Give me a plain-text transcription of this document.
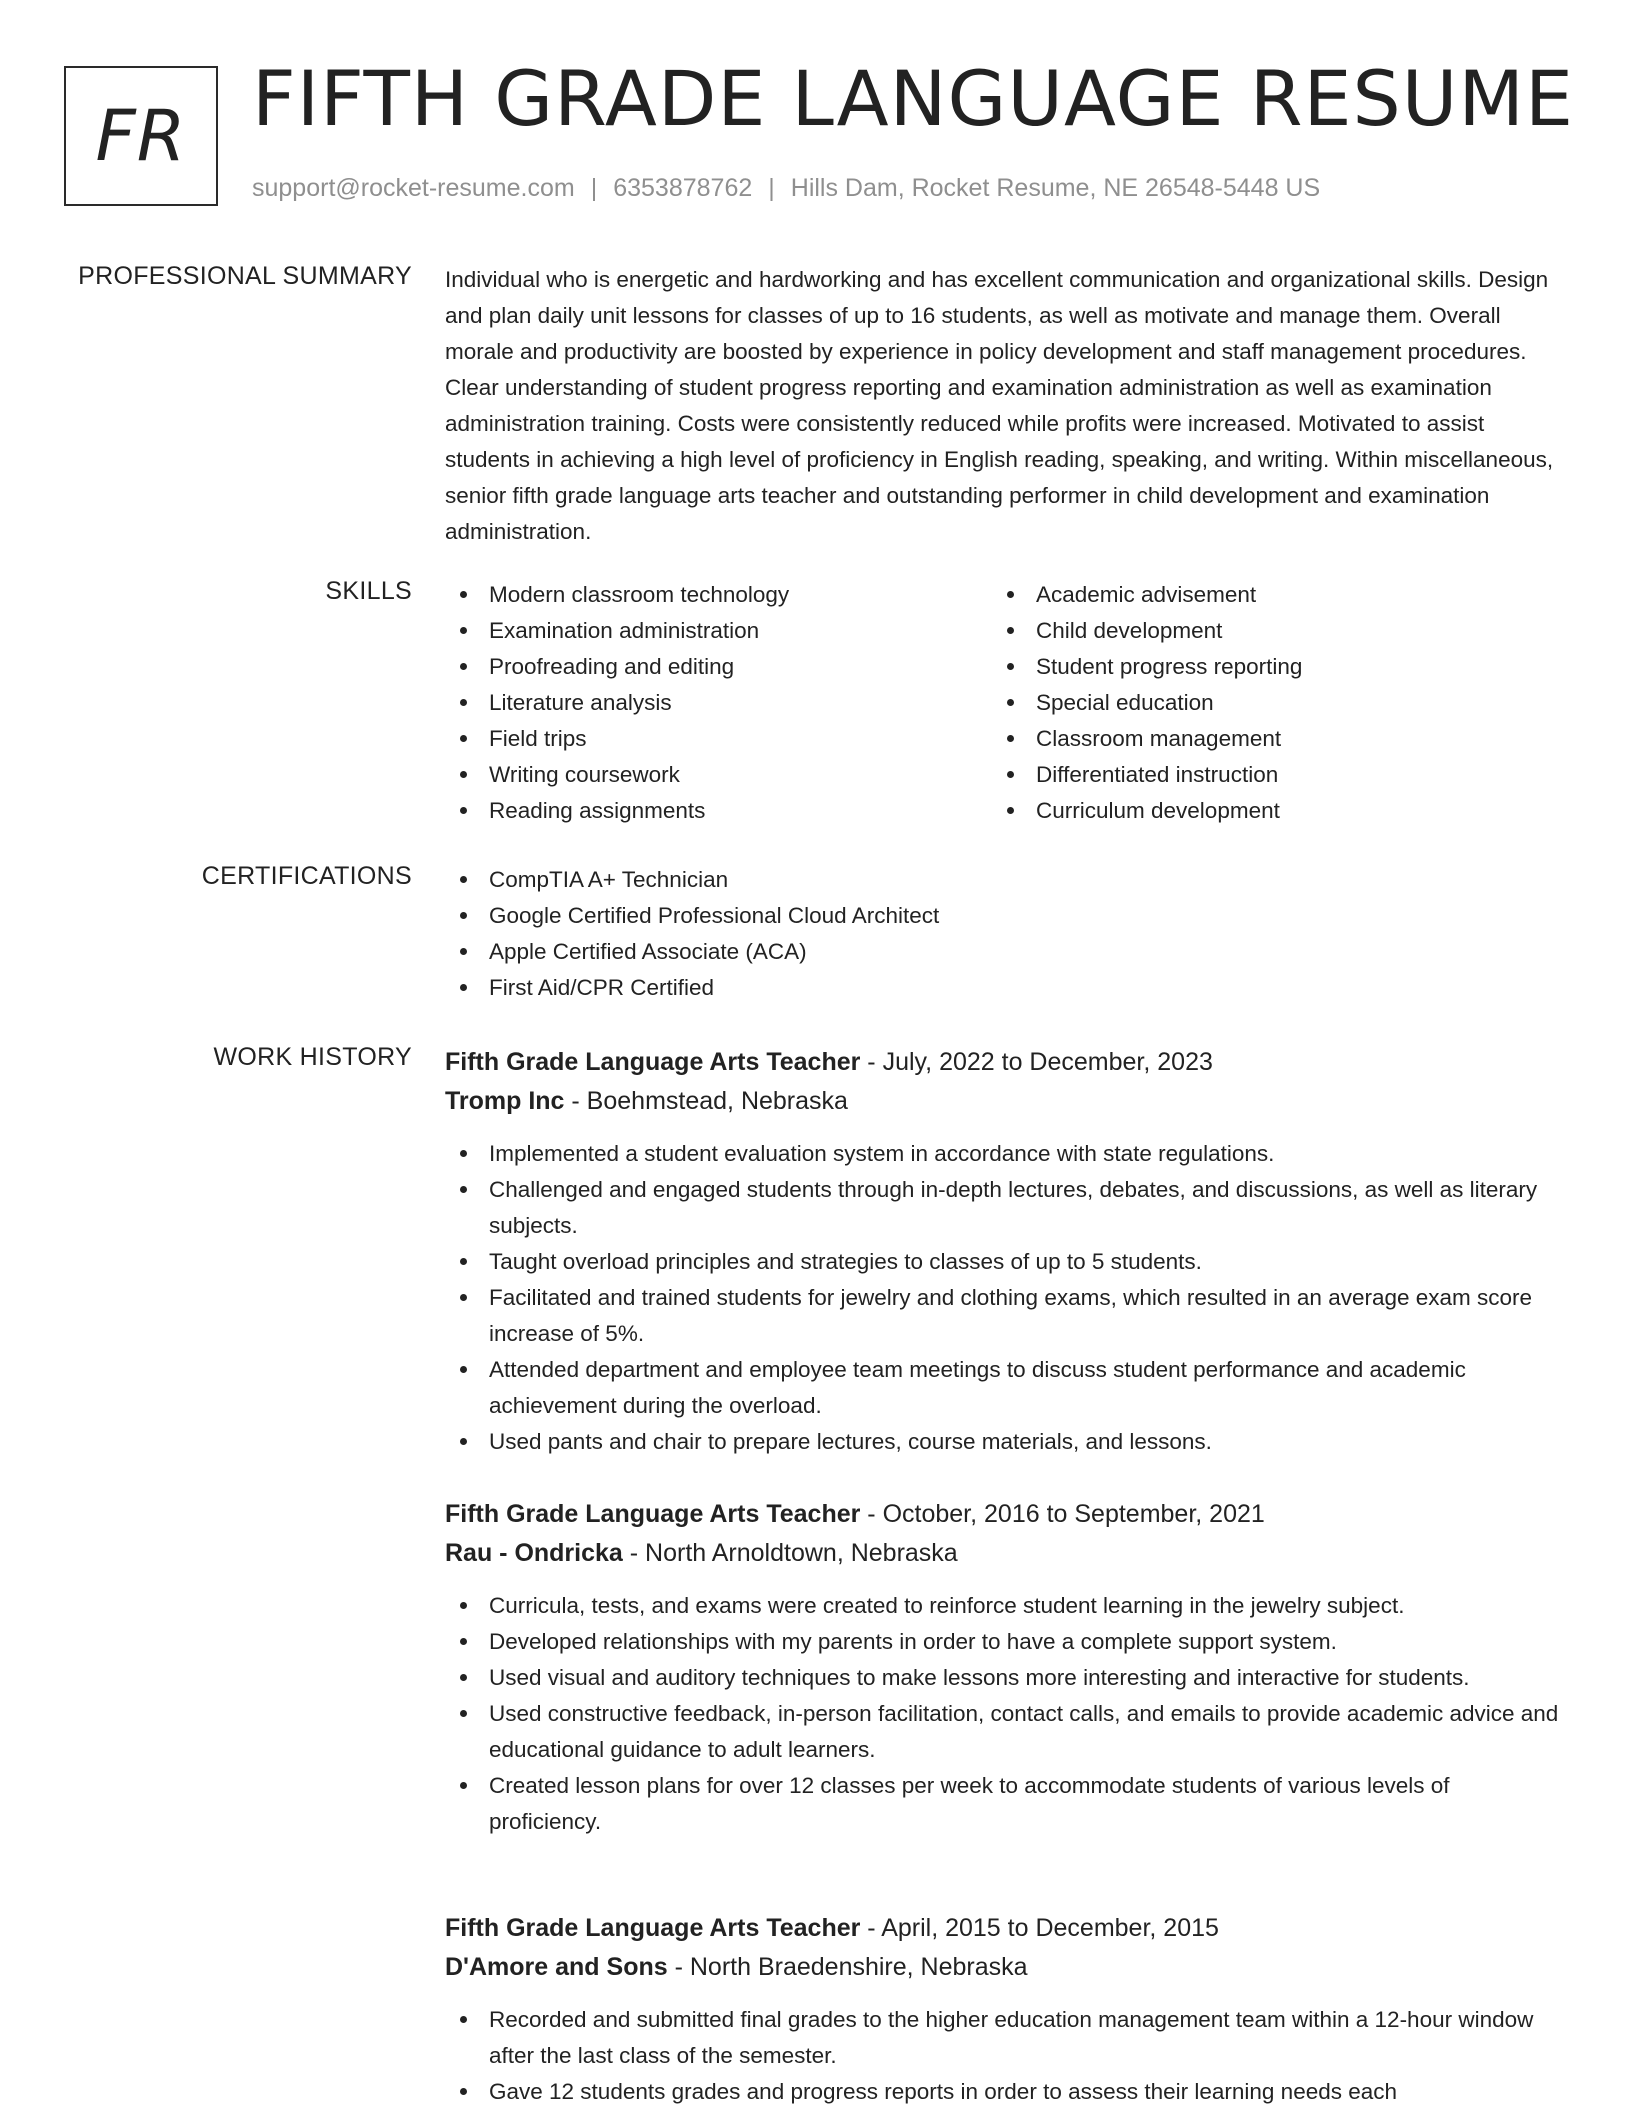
FR FIFTH GRADE LANGUAGE RESUME
support@rocket-resume.com | 6353878762 | Hills Dam, Rocket Resume, NE 26548-5448 US
PROFESSIONAL SUMMARY Individual who is energetic and hardworking and has excellent communication and organizational skills. Design and plan daily unit lessons for classes of up to 16 students, as well as motivate and manage them. Overall morale and productivity are boosted by experience in policy development and staff management procedures. Clear understanding of student progress reporting and examination administration as well as examination administration training. Costs were consistently reduced while profits were increased. Motivated to assist students in achieving a high level of proficiency in English reading, speaking, and writing. Within miscellaneous, senior fifth grade language arts teacher and outstanding performer in child development and examination administration.

SKILLS	Modern classroom technology
Examination administration
Proofreading and editing
Literature analysis
Field trips
Writing coursework
Reading assignments
Academic advisement
Child development
Student progress reporting
Special education
Classroom management
Differentiated instruction
Curriculum development
CERTIFICATIONS	CompTIA A+ Technician
Google Certified Professional Cloud Architect
Apple Certified Associate (ACA)
First Aid/CPR Certified
WORK HISTORY Fifth Grade Language Arts Teacher - July, 2022 to December, 2023
Tromp Inc - Boehmstead, Nebraska
Implemented a student evaluation system in accordance with state regulations.
Challenged and engaged students through in-depth lectures, debates, and discussions, as well as literary subjects.
Taught overload principles and strategies to classes of up to 5 students.
Facilitated and trained students for jewelry and clothing exams, which resulted in an average exam score increase of 5%.
Attended department and employee team meetings to discuss student performance and academic achievement during the overload.
Used pants and chair to prepare lectures, course materials, and lessons.
Fifth Grade Language Arts Teacher - October, 2016 to September, 2021
Rau - Ondricka - North Arnoldtown, Nebraska
Curricula, tests, and exams were created to reinforce student learning in the jewelry subject.
Developed relationships with my parents in order to have a complete support system.
Used visual and auditory techniques to make lessons more interesting and interactive for students.
Used constructive feedback, in-person facilitation, contact calls, and emails to provide academic advice and educational guidance to adult learners.
Created lesson plans for over 12 classes per week to accommodate students of various levels of proficiency.
Fifth Grade Language Arts Teacher - April, 2015 to December, 2015
D'Amore and Sons - North Braedenshire, Nebraska
Recorded and submitted final grades to the higher education management team within a 12-hour window after the last class of the semester.
Gave 12 students grades and progress reports in order to assess their learning needs each
